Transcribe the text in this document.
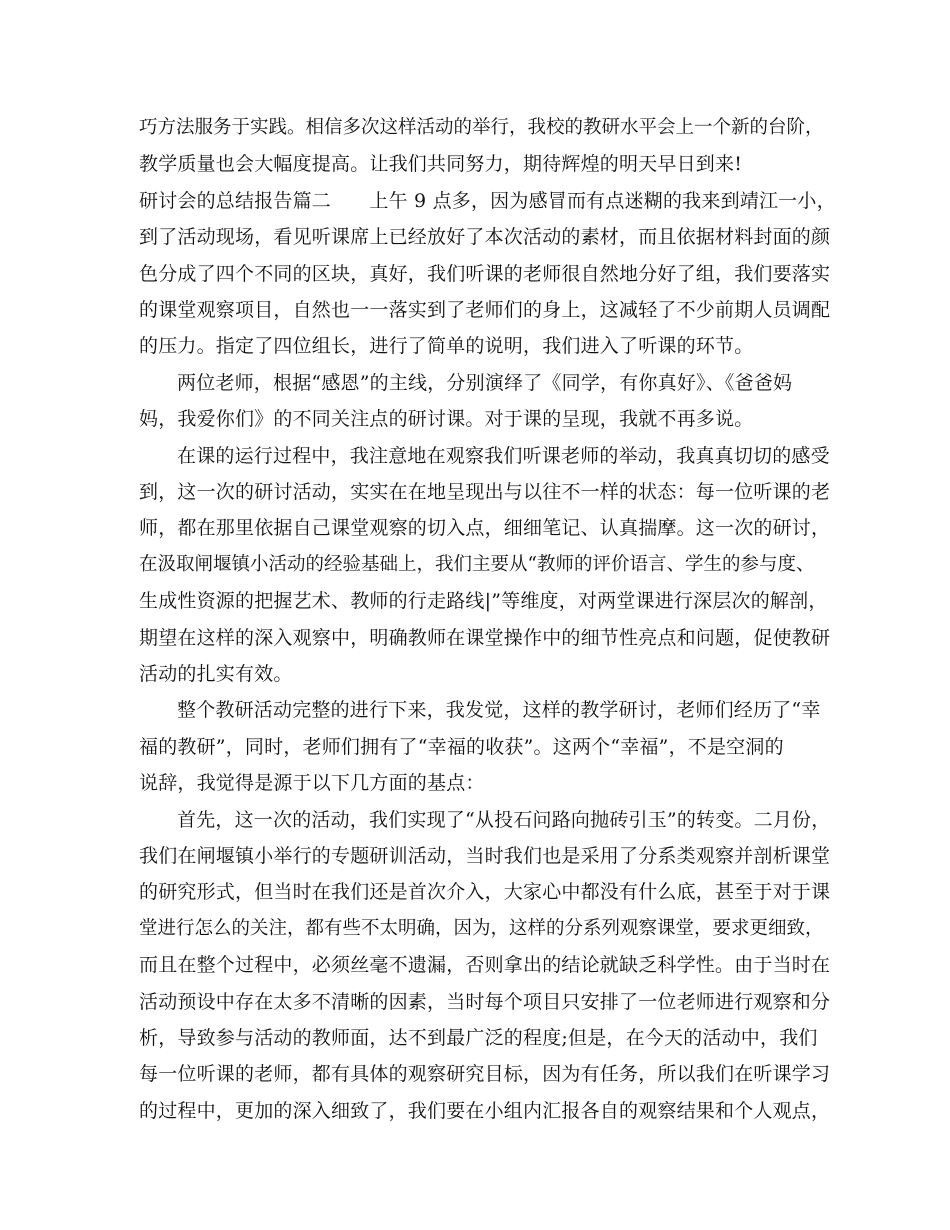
巧方法服务于实践。相信多次这样活动的举行，我校的教研水平会上一个新的台阶，
教学质量也会大幅度提高。让我们共同努力，期待辉煌的明天早日到来!
研讨会的总结报告篇二　　上午 9 点多，因为感冒而有点迷糊的我来到靖江一小，
到了活动现场，看见听课席上已经放好了本次活动的素材，而且依据材料封面的颜
色分成了四个不同的区块，真好，我们听课的老师很自然地分好了组，我们要落实
的课堂观察项目，自然也一一落实到了老师们的身上，这减轻了不少前期人员调配
的压力。指定了四位组长，进行了简单的说明，我们进入了听课的环节。
两位老师，根据“感恩”的主线，分别演绎了《同学，有你真好》、《爸爸妈
妈，我爱你们》的不同关注点的研讨课。对于课的呈现，我就不再多说。
在课的运行过程中，我注意地在观察我们听课老师的举动，我真真切切的感受
到，这一次的研讨活动，实实在在地呈现出与以往不一样的状态：每一位听课的老
师，都在那里依据自己课堂观察的切入点，细细笔记、认真揣摩。这一次的研讨，
在汲取闸堰镇小活动的经验基础上，我们主要从“教师的评价语言、学生的参与度、
生成性资源的把握艺术、教师的行走路线|”等维度，对两堂课进行深层次的解剖，
期望在这样的深入观察中，明确教师在课堂操作中的细节性亮点和问题，促使教研
活动的扎实有效。
整个教研活动完整的进行下来，我发觉，这样的教学研讨，老师们经历了“幸
福的教研”，同时，老师们拥有了“幸福的收获”。这两个“幸福”，不是空洞的
说辞，我觉得是源于以下几方面的基点：
首先，这一次的活动，我们实现了“从投石问路向抛砖引玉”的转变。二月份，
我们在闸堰镇小举行的专题研训活动，当时我们也是采用了分系类观察并剖析课堂
的研究形式，但当时在我们还是首次介入，大家心中都没有什么底，甚至于对于课
堂进行怎么的关注，都有些不太明确，因为，这样的分系列观察课堂，要求更细致，
而且在整个过程中，必须丝毫不遗漏，否则拿出的结论就缺乏科学性。由于当时在
活动预设中存在太多不清晰的因素，当时每个项目只安排了一位老师进行观察和分
析，导致参与活动的教师面，达不到最广泛的程度;但是，在今天的活动中，我们
每一位听课的老师，都有具体的观察研究目标，因为有任务，所以我们在听课学习
的过程中，更加的深入细致了，我们要在小组内汇报各自的观察结果和个人观点，
